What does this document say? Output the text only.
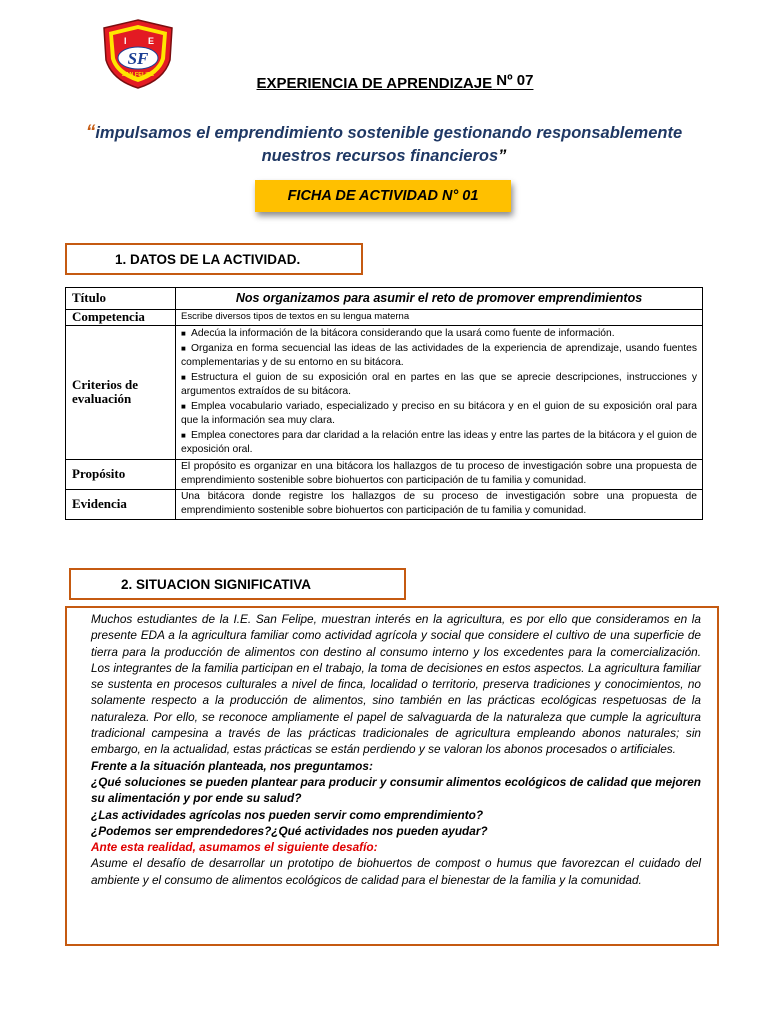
I E
SF
SAN FELIPE	EXPERIENCIA DE APRENDIZAJE Nº 07
“impulsamos el emprendimiento sostenible gestionando responsablemente
nuestros recursos financieros”
FICHA DE ACTIVIDAD N° 01
1. DATOS DE LA ACTIVIDAD.
Título	Nos organizamos para asumir el reto de promover emprendimientos
Competencia	Escribe diversos tipos de textos en su lengua materna
Criterios de evaluación	■ Adecúa la información de la bitácora considerando que la usará como fuente de información.
■ Organiza en forma secuencial las ideas de las actividades de la experiencia de aprendizaje, usando fuentes complementarias y de su entorno en su bitácora.
■ Estructura el guion de su exposición oral en partes en las que se aprecie descripciones, instrucciones y argumentos extraídos de su bitácora.
■ Emplea vocabulario variado, especializado y preciso en su bitácora y en el guion de su exposición oral para que la información sea muy clara.
■ Emplea conectores para dar claridad a la relación entre las ideas y entre las partes de la bitácora y el guion de exposición oral.

Propósito	El propósito es organizar en una bitácora los hallazgos de tu proceso de investigación sobre una propuesta de emprendimiento sostenible sobre biohuertos con participación de tu familia y comunidad.
Evidencia	Una bitácora donde registre los hallazgos de su proceso de investigación sobre una propuesta de emprendimiento sostenible sobre biohuertos con participación de tu familia y comunidad.
2. SITUACION SIGNIFICATIVA

Muchos estudiantes de la I.E. San Felipe, muestran interés en la agricultura, es por ello que consideramos en la presente EDA a la agricultura familiar como actividad agrícola y social que considere el cultivo de una superficie de tierra para la producción de alimentos con destino al consumo interno y los excedentes para la comercialización. Los integrantes de la familia participan en el trabajo, la toma de decisiones en estos aspectos. La agricultura familiar se sustenta en procesos culturales a nivel de finca, localidad o territorio, preserva tradiciones y conocimientos, no solamente respecto a la producción de alimentos, sino también en las prácticas ecológicas respetuosas de la naturaleza. Por ello, se reconoce ampliamente el papel de salvaguarda de la naturaleza que cumple la agricultura tradicional campesina a través de las prácticas tradicionales de agricultura empleando abonos naturales; sin embargo, en la actualidad, estas prácticas se están perdiendo y se valoran los abonos procesados o artificiales.

Frente a la situación planteada, nos preguntamos:

¿Qué soluciones se pueden plantear para producir y consumir alimentos ecológicos de calidad que mejoren su alimentación y por ende su salud?

¿Las actividades agrícolas nos pueden servir como emprendimiento?

¿Podemos ser emprendedores?¿Qué actividades nos pueden ayudar?

Ante esta realidad, asumamos el siguiente desafío:

Asume el desafío de desarrollar un prototipo de biohuertos de compost o humus que favorezcan el cuidado del ambiente y el consumo de alimentos ecológicos de calidad para el bienestar de la familia y la comunidad.
